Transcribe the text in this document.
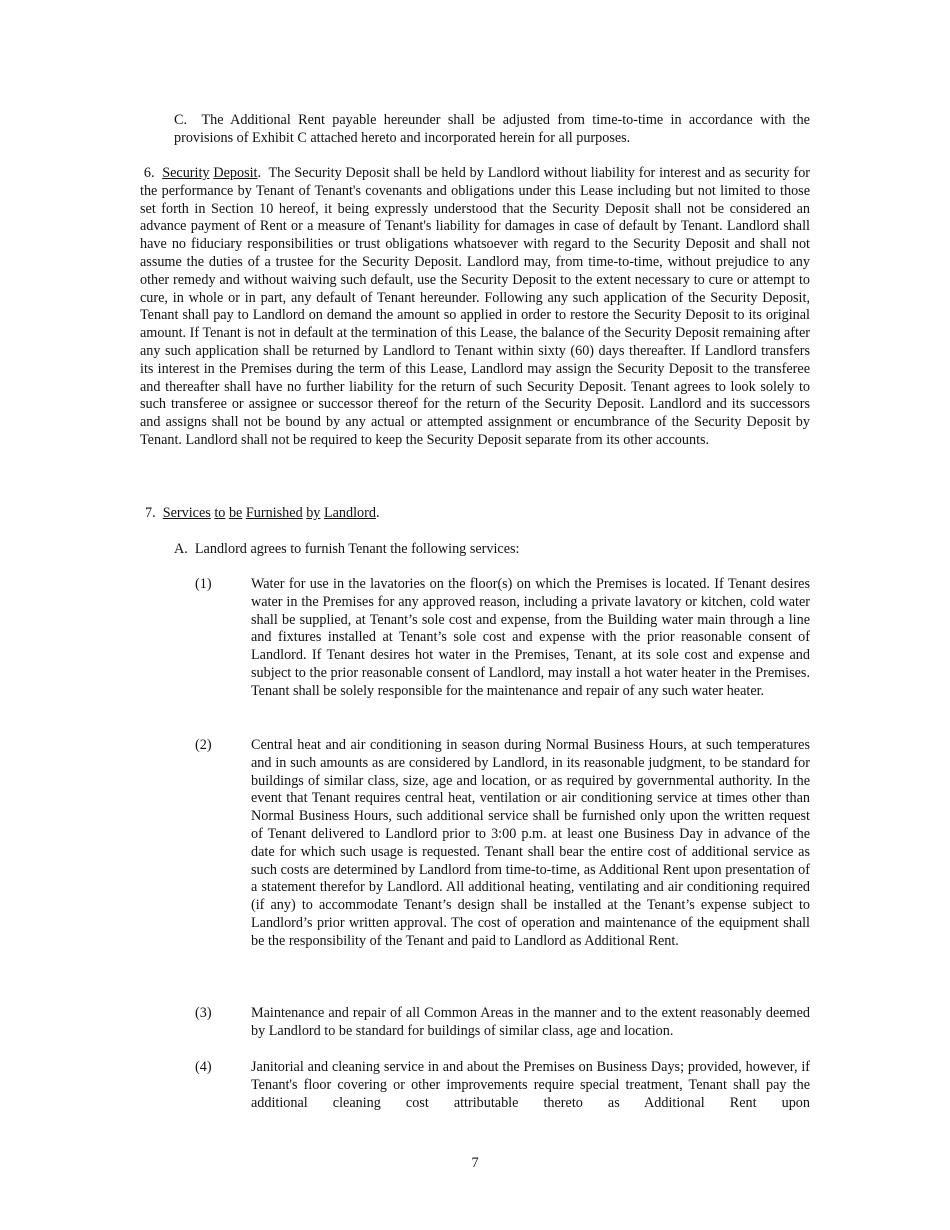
C. The Additional Rent payable hereunder shall be adjusted from time-to-time in accordance with the provisions of Exhibit C attached hereto and incorporated herein for all purposes.

6. Security Deposit. The Security Deposit shall be held by Landlord without liability for interest and as security for the performance by Tenant of Tenant's covenants and obligations under this Lease including but not limited to those set forth in Section 10 hereof, it being expressly understood that the Security Deposit shall not be considered an advance payment of Rent or a measure of Tenant's liability for damages in case of default by Tenant. Landlord shall have no fiduciary responsibilities or trust obligations whatsoever with regard to the Security Deposit and shall not assume the duties of a trustee for the Security Deposit. Landlord may, from time-to-time, without prejudice to any other remedy and without waiving such default, use the Security Deposit to the extent necessary to cure or attempt to cure, in whole or in part, any default of Tenant hereunder. Following any such application of the Security Deposit, Tenant shall pay to Landlord on demand the amount so applied in order to restore the Security Deposit to its original amount. If Tenant is not in default at the termination of this Lease, the balance of the Security Deposit remaining after any such application shall be returned by Landlord to Tenant within sixty (60) days thereafter. If Landlord transfers its interest in the Premises during the term of this Lease, Landlord may assign the Security Deposit to the transferee and thereafter shall have no further liability for the return of such Security Deposit. Tenant agrees to look solely to such transferee or assignee or successor thereof for the return of the Security Deposit. Landlord and its successors and assigns shall not be bound by any actual or attempted assignment or encumbrance of the Security Deposit by Tenant. Landlord shall not be required to keep the Security Deposit separate from its other accounts.

7. Services to be Furnished by Landlord.
A. Landlord agrees to furnish Tenant the following services:
(1)	Water for use in the lavatories on the floor(s) on which the Premises is located. If Tenant desires water in the Premises for any approved reason, including a private lavatory or kitchen, cold water shall be supplied, at Tenant’s sole cost and expense, from the Building water main through a line and fixtures installed at Tenant’s sole cost and expense with the prior reasonable consent of Landlord. If Tenant desires hot water in the Premises, Tenant, at its sole cost and expense and subject to the prior reasonable consent of Landlord, may install a hot water heater in the Premises. Tenant shall be solely responsible for the maintenance and repair of any such water heater.

(2)	Central heat and air conditioning in season during Normal Business Hours, at such temperatures and in such amounts as are considered by Landlord, in its reasonable judgment, to be standard for buildings of similar class, size, age and location, or as required by governmental authority. In the event that Tenant requires central heat, ventilation or air conditioning service at times other than Normal Business Hours, such additional service shall be furnished only upon the written request of Tenant delivered to Landlord prior to 3:00 p.m. at least one Business Day in advance of the date for which such usage is requested. Tenant shall bear the entire cost of additional service as such costs are determined by Landlord from time-to-time, as Additional Rent upon presentation of a statement therefor by Landlord. All additional heating, ventilating and air conditioning required (if any) to accommodate Tenant’s design shall be installed at the Tenant’s expense subject to Landlord’s prior written approval. The cost of operation and maintenance of the equipment shall be the responsibility of the Tenant and paid to Landlord as Additional Rent.

(3)	Maintenance and repair of all Common Areas in the manner and to the extent reasonably deemed by Landlord to be standard for buildings of similar class, age and location.

(4)	Janitorial and cleaning service in and about the Premises on Business Days; provided, however, if Tenant's floor covering or other improvements require special treatment, Tenant shall pay the additional cleaning cost attributable thereto as Additional Rent upon

7
